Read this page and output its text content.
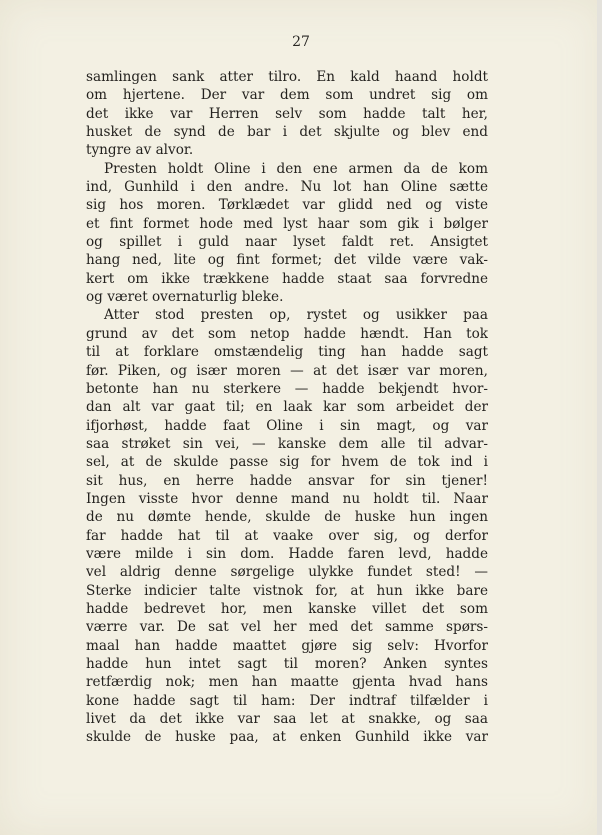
27
samlingen sank atter tilro. En kald haand holdt
om hjertene. Der var dem som undret sig om
det ikke var Herren selv som hadde talt her,
husket de synd de bar i det skjulte og blev end
tyngre av alvor.
Presten holdt Oline i den ene armen da de kom
ind, Gunhild i den andre. Nu lot han Oline sætte
sig hos moren. Tørklædet var glidd ned og viste
et fint formet hode med lyst haar som gik i bølger
og spillet i guld naar lyset faldt ret. Ansigtet
hang ned, lite og fint formet; det vilde være vak-
kert om ikke trækkene hadde staat saa forvredne
og været overnaturlig bleke.
Atter stod presten op, rystet og usikker paa
grund av det som netop hadde hændt. Han tok
til at forklare omstændelig ting han hadde sagt
før. Piken, og især moren — at det især var moren,
betonte han nu sterkere — hadde bekjendt hvor-
dan alt var gaat til; en laak kar som arbeidet der
ifjorhøst, hadde faat Oline i sin magt, og var
saa strøket sin vei, — kanske dem alle til advar-
sel, at de skulde passe sig for hvem de tok ind i
sit hus, en herre hadde ansvar for sin tjener!
Ingen visste hvor denne mand nu holdt til. Naar
de nu dømte hende, skulde de huske hun ingen
far hadde hat til at vaake over sig, og derfor
være milde i sin dom. Hadde faren levd, hadde
vel aldrig denne sørgelige ulykke fundet sted! —
Sterke indicier talte vistnok for, at hun ikke bare
hadde bedrevet hor, men kanske villet det som
værre var. De sat vel her med det samme spørs-
maal han hadde maattet gjøre sig selv: Hvorfor
hadde hun intet sagt til moren? Anken syntes
retfærdig nok; men han maatte gjenta hvad hans
kone hadde sagt til ham: Der indtraf tilfælder i
livet da det ikke var saa let at snakke, og saa
skulde de huske paa, at enken Gunhild ikke var
